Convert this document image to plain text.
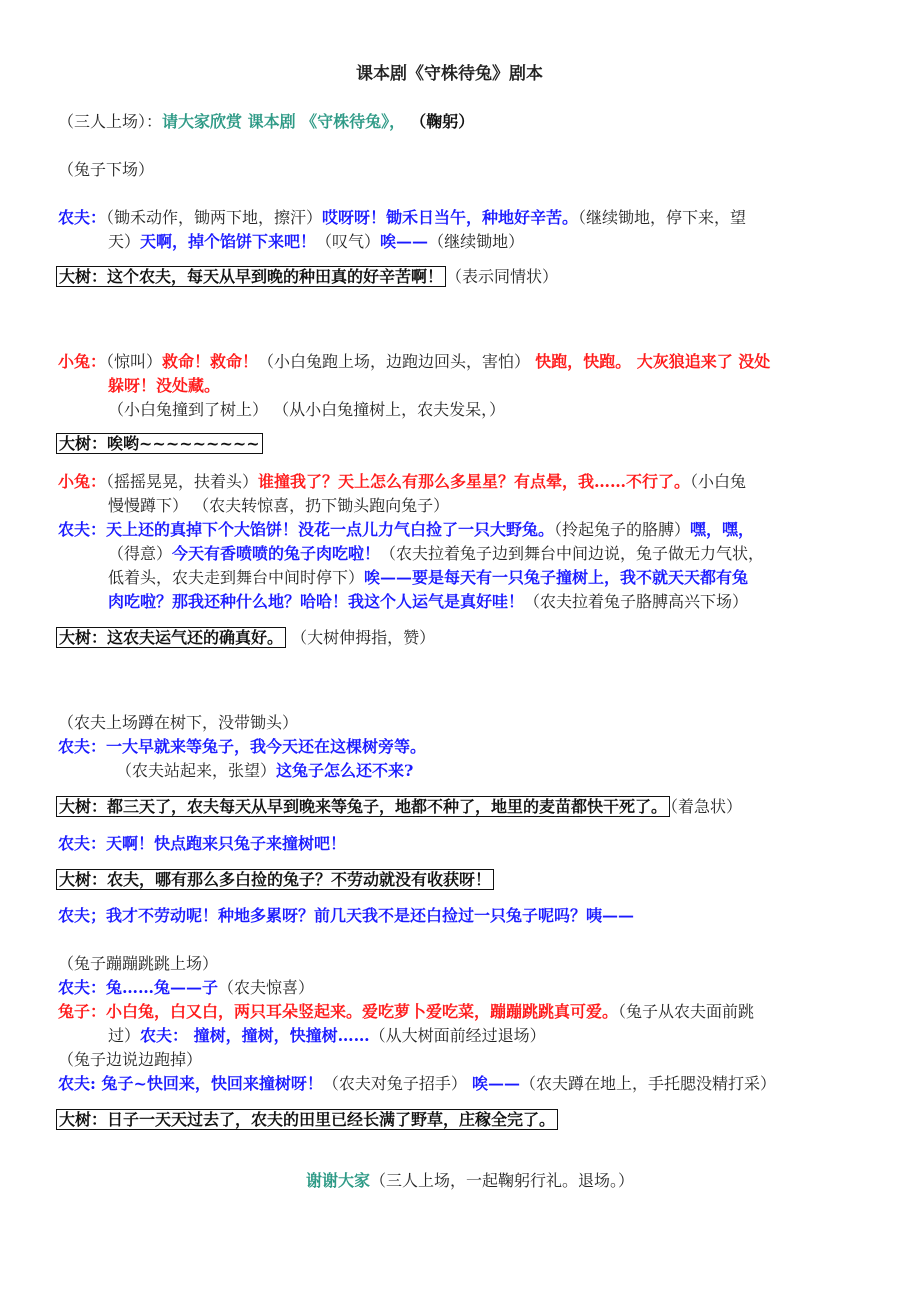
课本剧《守株待兔》剧本

（三人上场）：请大家欣赏 课本剧 《守株待兔》， （鞠躬）

（兔子下场）

农夫：（锄禾动作，锄两下地，擦汗）哎呀呀！锄禾日当午，种地好辛苦。（继续锄地，停下来，望

天）天啊，掉个馅饼下来吧！（叹气）唉——（继续锄地）

大树：这个农夫，每天从早到晚的种田真的好辛苦啊！ （表示同情状）

小兔：（惊叫）救命！救命！（小白兔跑上场，边跑边回头，害怕） 快跑，快跑。 大灰狼追来了 没处

躲呀！没处藏。

（小白兔撞到了树上） （从小白兔撞树上，农夫发呆，）

大树：唉哟~~~~~~~~~

小兔：（摇摇晃晃，扶着头）谁撞我了？天上怎么有那么多星星？有点晕，我……不行了。（小白兔

慢慢蹲下） （农夫转惊喜，扔下锄头跑向兔子）

农夫：天上还的真掉下个大馅饼！没花一点儿力气白捡了一只大野兔。（拎起兔子的胳膊）嘿，嘿，

（得意）今天有香喷喷的兔子肉吃啦！（农夫拉着兔子边到舞台中间边说，兔子做无力气状，

低着头，农夫走到舞台中间时停下）唉——要是每天有一只兔子撞树上，我不就天天都有兔

肉吃啦？那我还种什么地？哈哈！我这个人运气是真好哇！（农夫拉着兔子胳膊高兴下场）

大树：这农夫运气还的确真好。 （大树伸拇指，赞）

（农夫上场蹲在树下，没带锄头）

农夫：一大早就来等兔子，我今天还在这棵树旁等。

（农夫站起来，张望）这兔子怎么还不来?

大树：都三天了，农夫每天从早到晚来等兔子，地都不种了，地里的麦苗都快干死了。 （着急状）

农夫：天啊！快点跑来只兔子来撞树吧！

大树：农夫，哪有那么多白捡的兔子？不劳动就没有收获呀！

农夫；我才不劳动呢！种地多累呀？前几天我不是还白捡过一只兔子呢吗？咦——

（兔子蹦蹦跳跳上场）

农夫：兔……兔——子（农夫惊喜）

兔子：小白兔，白又白，两只耳朵竖起来。爱吃萝卜爱吃菜，蹦蹦跳跳真可爱。（兔子从农夫面前跳

过）农夫： 撞树，撞树，快撞树……（从大树面前经过退场）

（兔子边说边跑掉）

农夫: 兔子~快回来，快回来撞树呀！（农夫对兔子招手） 唉——（农夫蹲在地上，手托腮没精打采）

大树：日子一天天过去了，农夫的田里已经长满了野草，庄稼全完了。

谢谢大家（三人上场，一起鞠躬行礼。退场。）
